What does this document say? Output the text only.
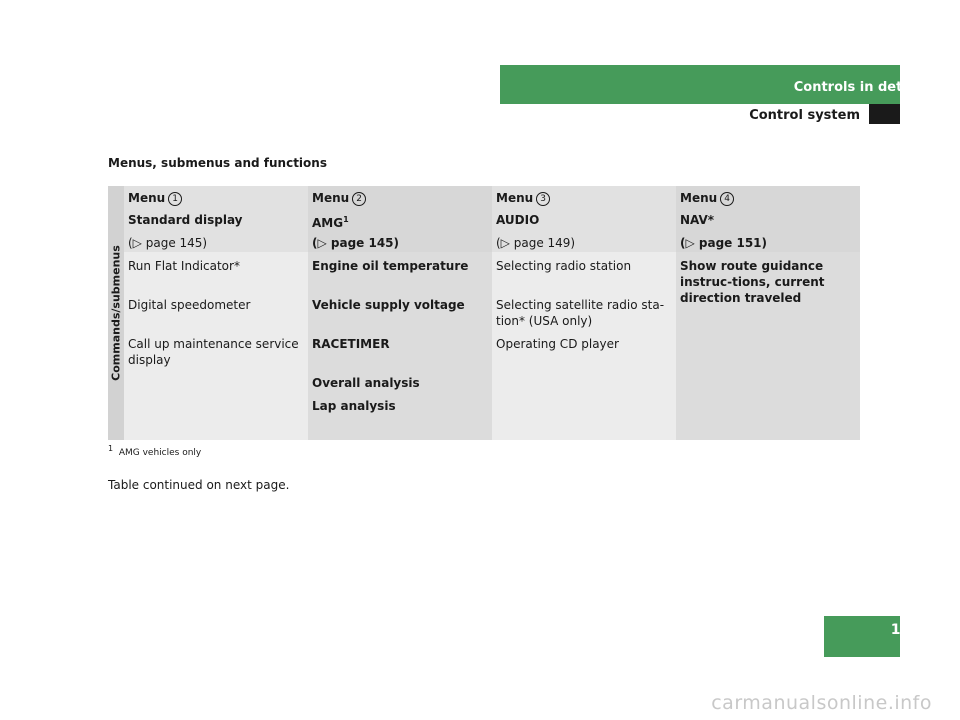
Controls in detail
Control system
Menus, submenus and functions
Commands/submenus
Menu 1
Standard display
(▷ page 145)
Run Flat Indicator*
Digital speedometer
Call up maintenance service display
Menu 2
AMG$^1$
(▷ page 145)
Engine oil temperature
Vehicle supply voltage
RACETIMER
Overall analysis
Lap analysis
Menu 3
AUDIO
(▷ page 149)
Selecting radio station
Selecting satellite radio sta-tion* (USA only)
Operating CD player
Menu 4
NAV*
(▷ page 151)
Show route guidance instruc-tions, current direction traveled
$^1$ AMG vehicles only
Table continued on next page.
143
carmanualsonline.info
